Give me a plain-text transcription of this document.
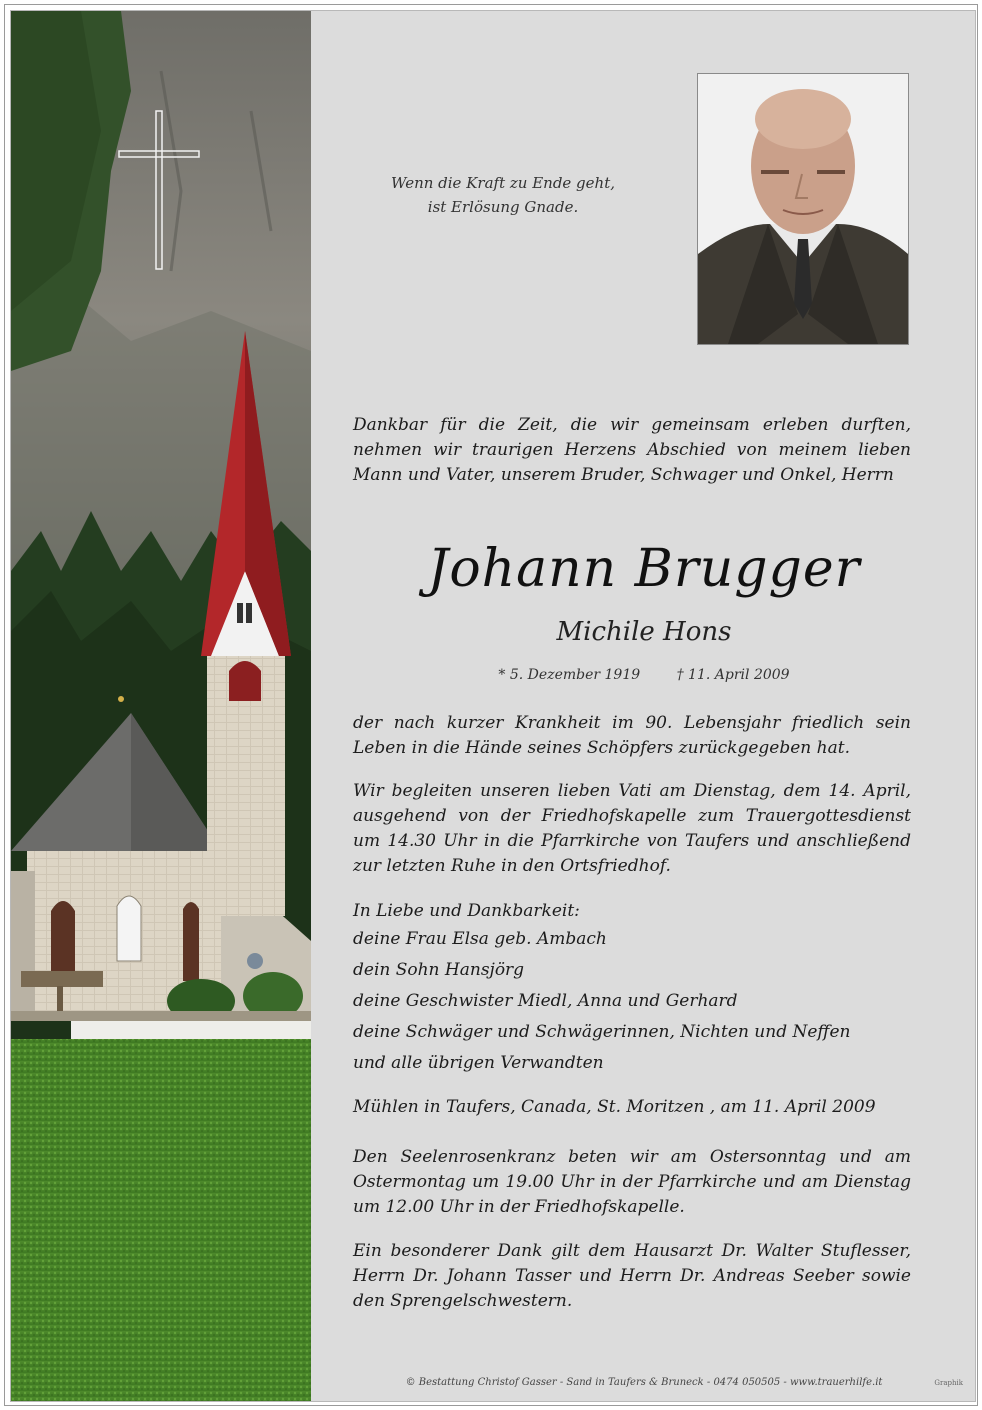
Wenn die Kraft zu Ende geht,
ist Erlösung Gnade.
Dankbar für die Zeit, die wir gemeinsam erleben durften, nehmen wir traurigen Herzens Abschied von meinem lieben Mann und Vater, unserem Bruder, Schwager und Onkel, Herrn
Johann Brugger
Michile Hons
* 5. Dezember 1919	† 11. April 2009
der nach kurzer Krankheit im 90. Lebensjahr friedlich sein Leben in die Hände seines Schöpfers zurückgegeben hat.
Wir begleiten unseren lieben Vati am Dienstag, dem 14. April, ausgehend von der Friedhofskapelle zum Trauergottesdienst um 14.30 Uhr in die Pfarrkirche von Taufers und anschließend zur letzten Ruhe in den Ortsfriedhof.
In Liebe und Dankbarkeit:
deine Frau Elsa geb. Ambach
dein Sohn Hansjörg
deine Geschwister Miedl, Anna und Gerhard
deine Schwäger und Schwägerinnen, Nichten und Neffen
und alle übrigen Verwandten
Mühlen in Taufers, Canada, St. Moritzen , am 11. April 2009
Den Seelenrosenkranz beten wir am Ostersonntag und am Ostermontag um 19.00 Uhr in der Pfarrkirche und am Dienstag um 12.00 Uhr in der Friedhofskapelle.
Ein besonderer Dank gilt dem Hausarzt Dr. Walter Stuflesser, Herrn Dr. Johann Tasser und Herrn Dr. Andreas Seeber sowie den Sprengelschwestern.
© Bestattung Christof Gasser - Sand in Taufers & Bruneck - 0474 050505 - www.trauerhilfe.it	Graphik
